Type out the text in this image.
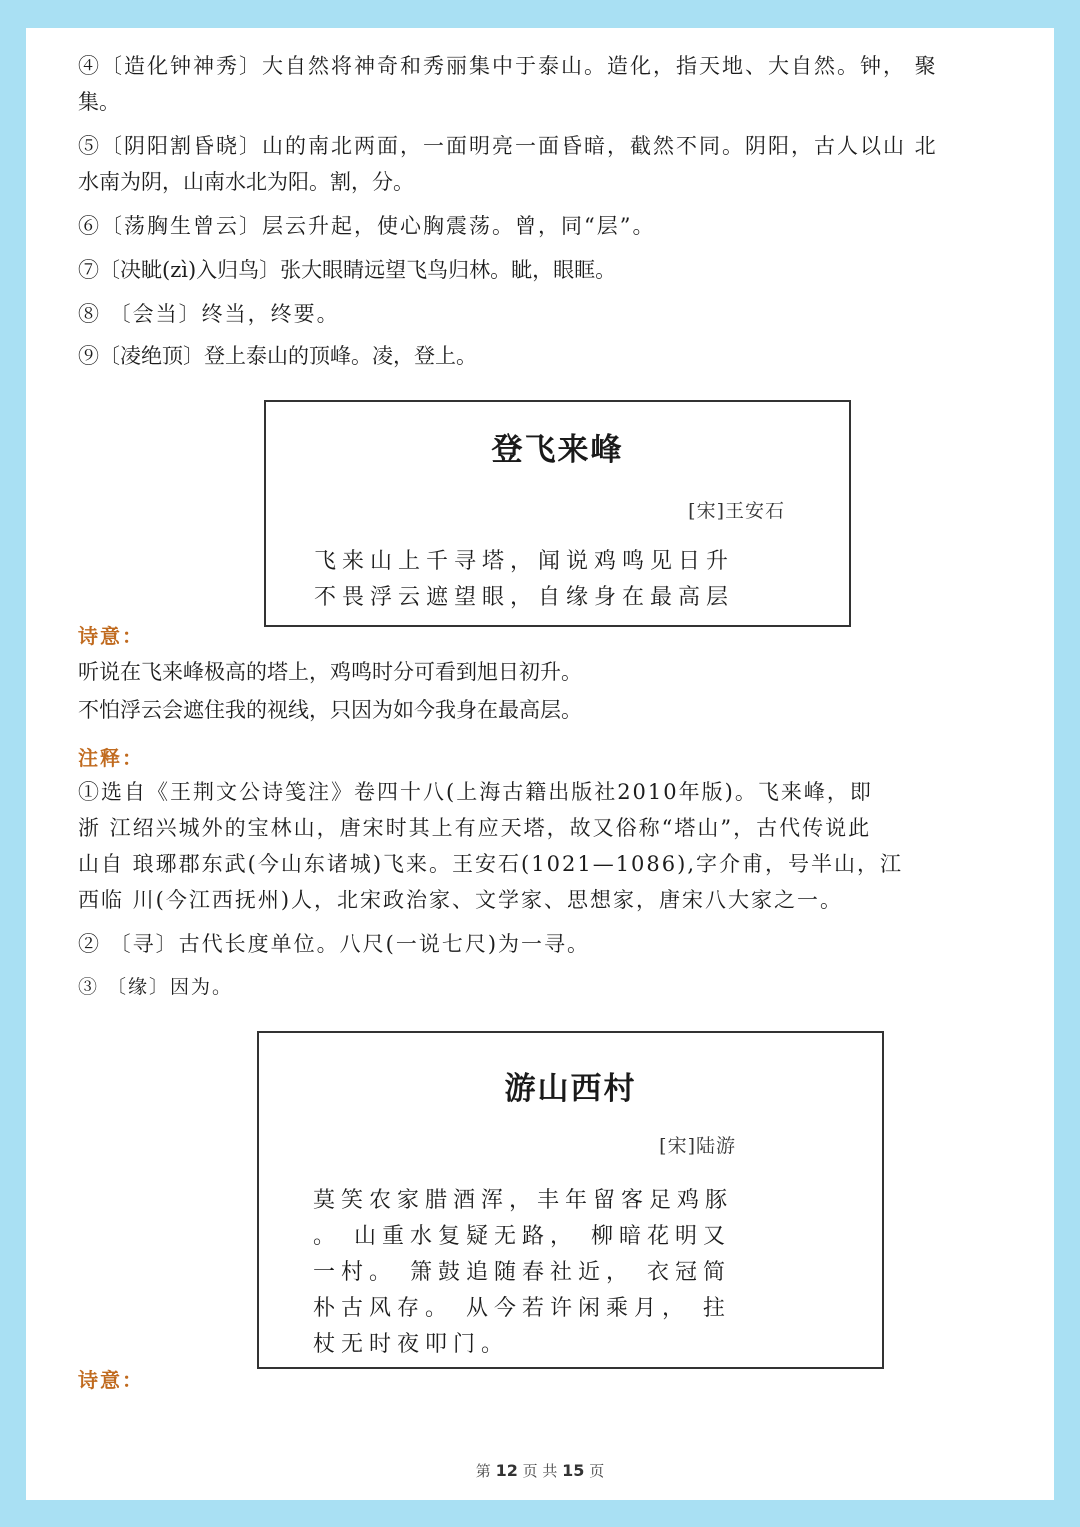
④〔造化钟神秀〕大自然将神奇和秀丽集中于泰山。造化，指天地、大自然。钟， 聚

集。

⑤〔阴阳割昏晓〕山的南北两面，一面明亮一面昏暗，截然不同。阴阳，古人以山 北

水南为阴，山南水北为阳。割，分。

⑥〔荡胸生曾云〕层云升起，使心胸震荡。曾，同“层”。

⑦〔决眦(zì)入归鸟〕张大眼睛远望飞鸟归林。眦，眼眶。

⑧ 〔会当〕终当，终要。

⑨〔凌绝顶〕登上泰山的顶峰。凌，登上。

登飞来峰
[宋]王安石
飞来山上千寻塔，闻说鸡鸣见日升
不畏浮云遮望眼，自缘身在最高层
诗意：

听说在飞来峰极高的塔上，鸡鸣时分可看到旭日初升。

不怕浮云会遮住我的视线，只因为如今我身在最高层。

注释：

①选自《王荆文公诗笺注》卷四十八(上海古籍出版社2010年版)。飞来峰，即

浙 江绍兴城外的宝林山，唐宋时其上有应天塔，故又俗称“塔山”，古代传说此

山自 琅琊郡东武(今山东诸城)飞来。王安石(1021—1086),字介甫，号半山，江

西临 川(今江西抚州)人，北宋政治家、文学家、思想家，唐宋八大家之一。

② 〔寻〕古代长度单位。八尺(一说七尺)为一寻。

③ 〔缘〕因为。

游山西村
[宋]陆游
莫笑农家腊酒浑，丰年留客足鸡豚
。 山重水复疑无路， 柳暗花明又
一村。 箫鼓追随春社近， 衣冠简
朴古风存。 从今若许闲乘月， 拄
杖无时夜叩门。
诗意：
第 12 页 共 15 页
